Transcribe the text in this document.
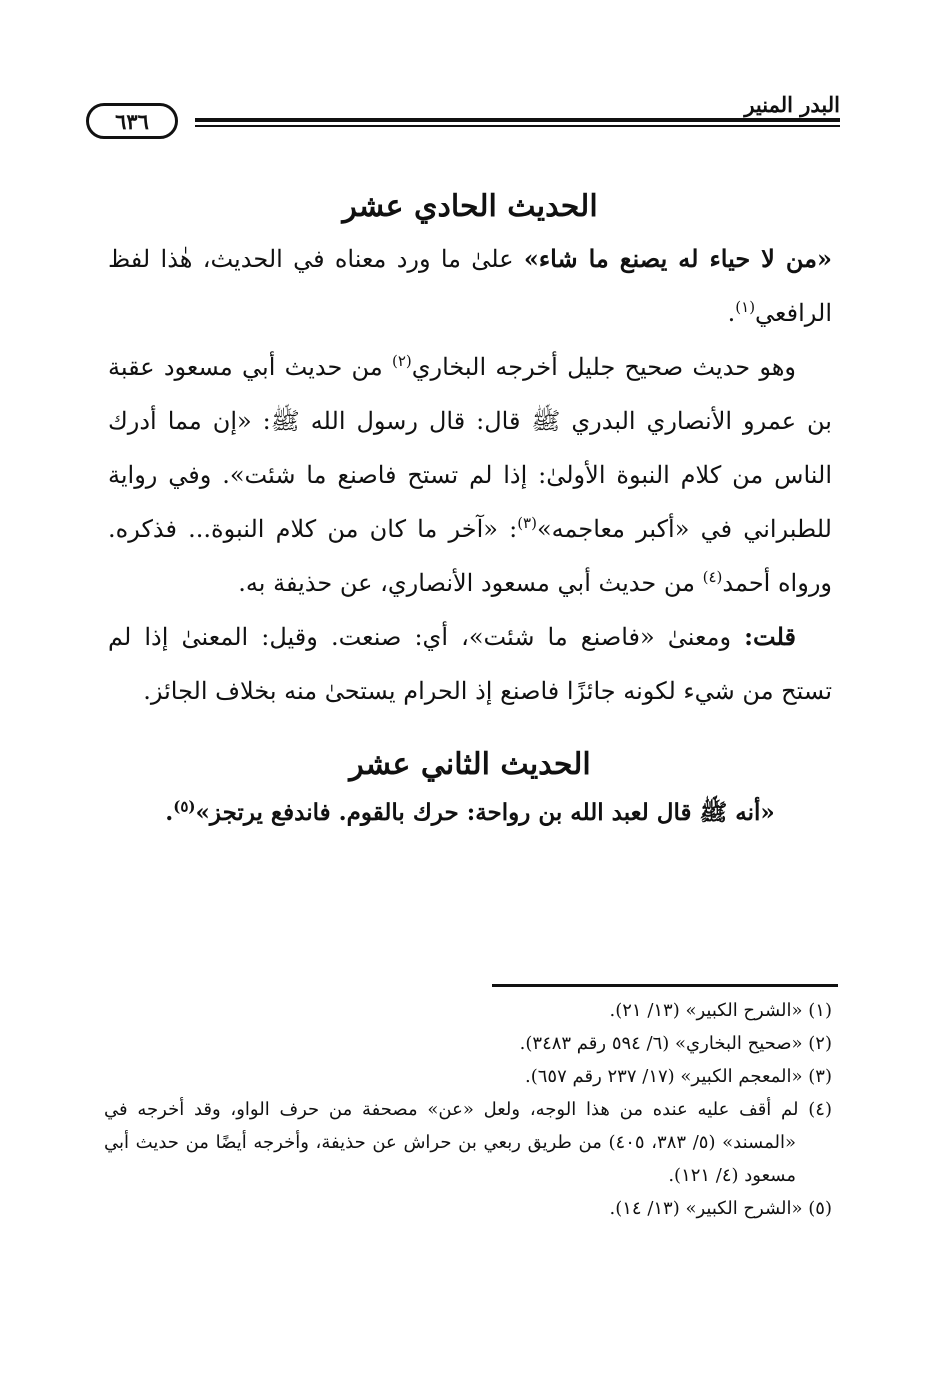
البدر المنير
٦٣٦
الحديث الحادي عشر

«من لا حياء له يصنع ما شاء» علىٰ ما ورد معناه في الحديث، هٰذا لفظ الرافعي$^{(١)}$.

وهو حديث صحيح جليل أخرجه البخاري$^{(٢)}$ من حديث أبي مسعود عقبة بن عمرو الأنصاري البدري ﷺ قال: قال رسول الله ﷺ: «إن مما أدرك الناس من كلام النبوة الأولىٰ: إذا لم تستح فاصنع ما شئت». وفي رواية للطبراني في «أكبر معاجمه»$^{(٣)}$: «آخر ما كان من كلام النبوة... فذكره. ورواه أحمد$^{(٤)}$ من حديث أبي مسعود الأنصاري، عن حذيفة به.

قلت: ومعنىٰ «فاصنع ما شئت»، أي: صنعت. وقيل: المعنىٰ إذا لم تستح من شيء لكونه جائزًا فاصنع إذ الحرام يستحىٰ منه بخلاف الجائز.

الحديث الثاني عشر

«أنه ﷺ قال لعبد الله بن رواحة: حرك بالقوم. فاندفع يرتجز»$^{(٥)}$.

(١) «الشرح الكبير» (١٣/ ٢١).

(٢) «صحيح البخاري» (٦/ ٥٩٤ رقم ٣٤٨٣).

(٣) «المعجم الكبير» (١٧/ ٢٣٧ رقم ٦٥٧).

(٤) لم أقف عليه عنده من هذا الوجه، ولعل «عن» مصحفة من حرف الواو، وقد أخرجه في «المسند» (٥/ ٣٨٣، ٤٠٥) من طريق ربعي بن حراش عن حذيفة، وأخرجه أيضًا من حديث أبي مسعود (٤/ ١٢١).

(٥) «الشرح الكبير» (١٣/ ١٤).
